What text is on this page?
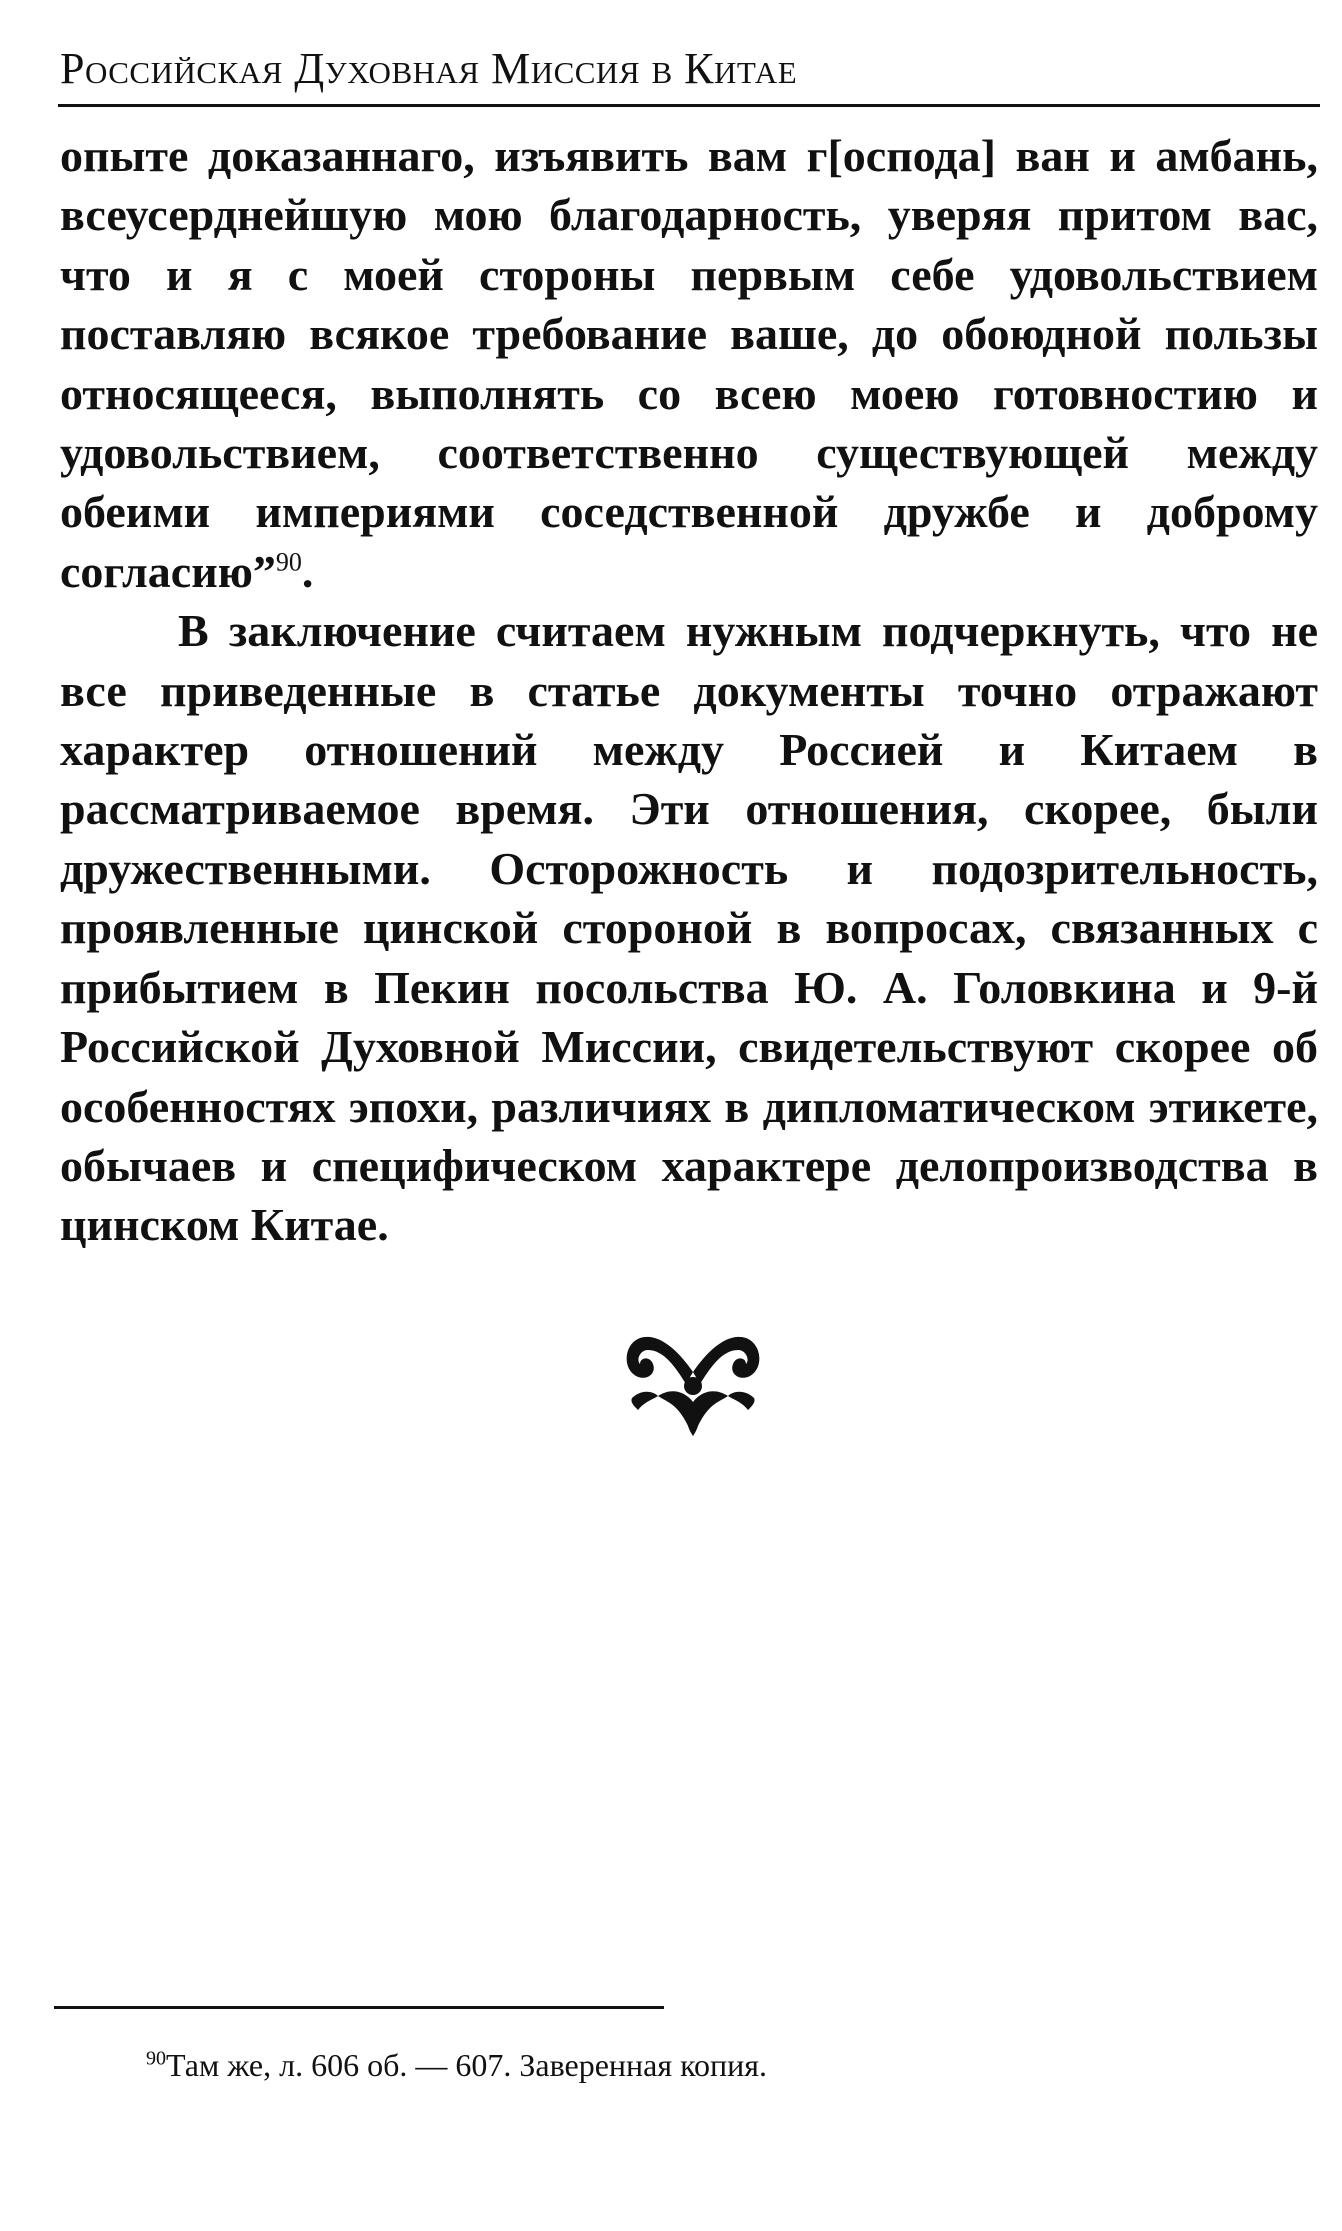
Российская Духовная Миссия в Китае

опыте доказаннаго, изъявить вам г[оспода] ван и амбань, всеусерднейшую мою благодарность, уверяя притом вас, что и я с моей стороны первым себе удовольствием поставляю всякое требование ваше, до обоюдной пользы относящееся, выполнять со всею моею готовностию и удовольствием, соответственно существующей между обеими империями соседственной дружбе и доброму согласию”$^{90}$.

В заключение считаем нужным подчеркнуть, что не все приведенные в статье документы точно отражают характер отношений между Россией и Китаем в рассматриваемое время. Эти отношения, скорее, были дружественными. Осторожность и подозрительность, проявленные цинской стороной в вопросах, связанных с прибытием в Пекин посольства Ю. А. Головкина и 9-й Российской Духовной Миссии, свидетельствуют скорее об особенностях эпохи, различиях в дипломатическом этикете, обычаев и специфическом характере делопроизводства в цинском Китае.

$^{90}$Там же, л. 606 об. — 607. Заверенная копия.
